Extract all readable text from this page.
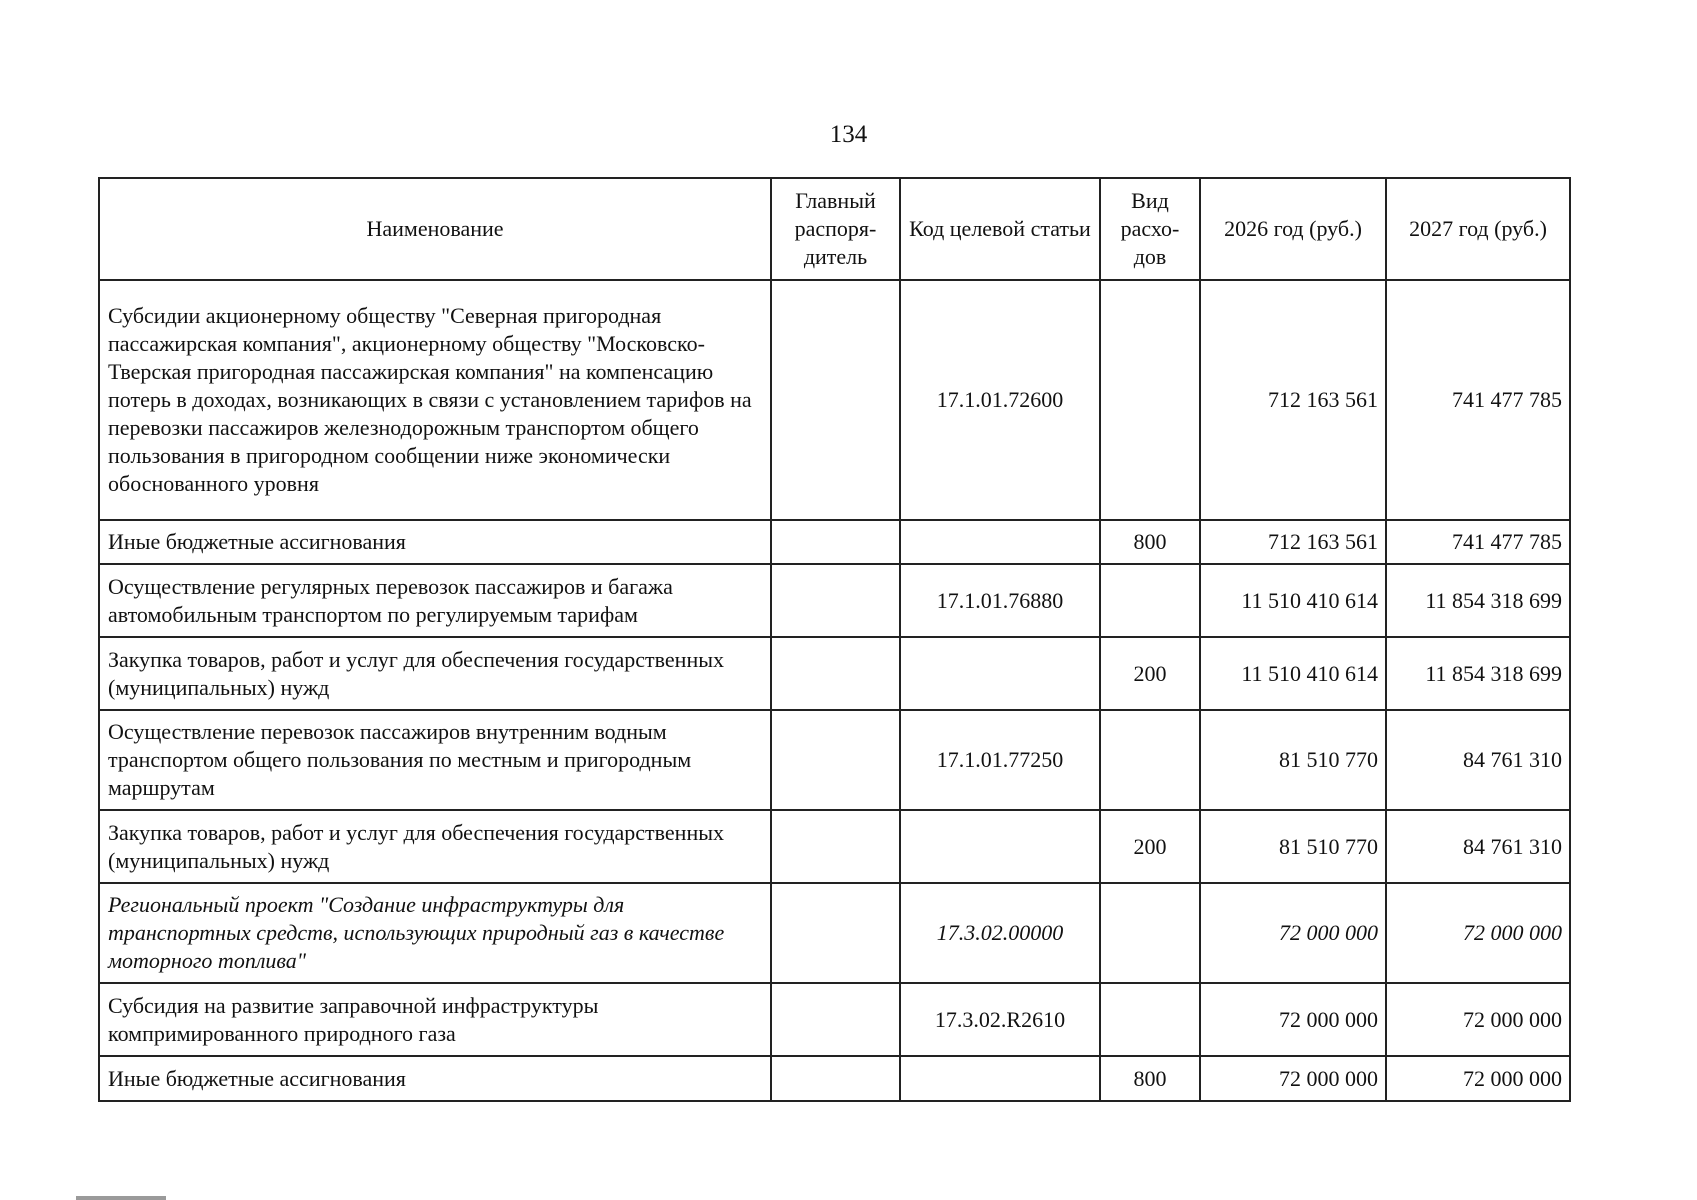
134
Наименование	Главный распоря-дитель	Код целевой статьи	Вид расхо-дов	2026 год (руб.)	2027 год (руб.)
Субсидии акционерному обществу "Северная пригородная пассажирская компания", акционерному обществу "Московско-Тверская пригородная пассажирская компания" на компенсацию потерь в доходах, возникающих в связи с установлением тарифов на перевозки пассажиров железнодорожным транспортом общего пользования в пригородном сообщении ниже экономически обоснованного уровня		17.1.01.72600		712 163 561	741 477 785
Иные бюджетные ассигнования			800	712 163 561	741 477 785
Осуществление регулярных перевозок пассажиров и багажа автомобильным транспортом по регулируемым тарифам		17.1.01.76880		11 510 410 614	11 854 318 699
Закупка товаров, работ и услуг для обеспечения государственных (муниципальных) нужд			200	11 510 410 614	11 854 318 699
Осуществление перевозок пассажиров внутренним водным транспортом общего пользования по местным и пригородным маршрутам		17.1.01.77250		81 510 770	84 761 310
Закупка товаров, работ и услуг для обеспечения государственных (муниципальных) нужд			200	81 510 770	84 761 310
Региональный проект "Создание инфраструктуры для транспортных средств, использующих природный газ в качестве моторного топлива"		17.3.02.00000		72 000 000	72 000 000
Субсидия на развитие заправочной инфраструктуры компримированного природного газа		17.3.02.R2610		72 000 000	72 000 000
Иные бюджетные ассигнования			800	72 000 000	72 000 000
